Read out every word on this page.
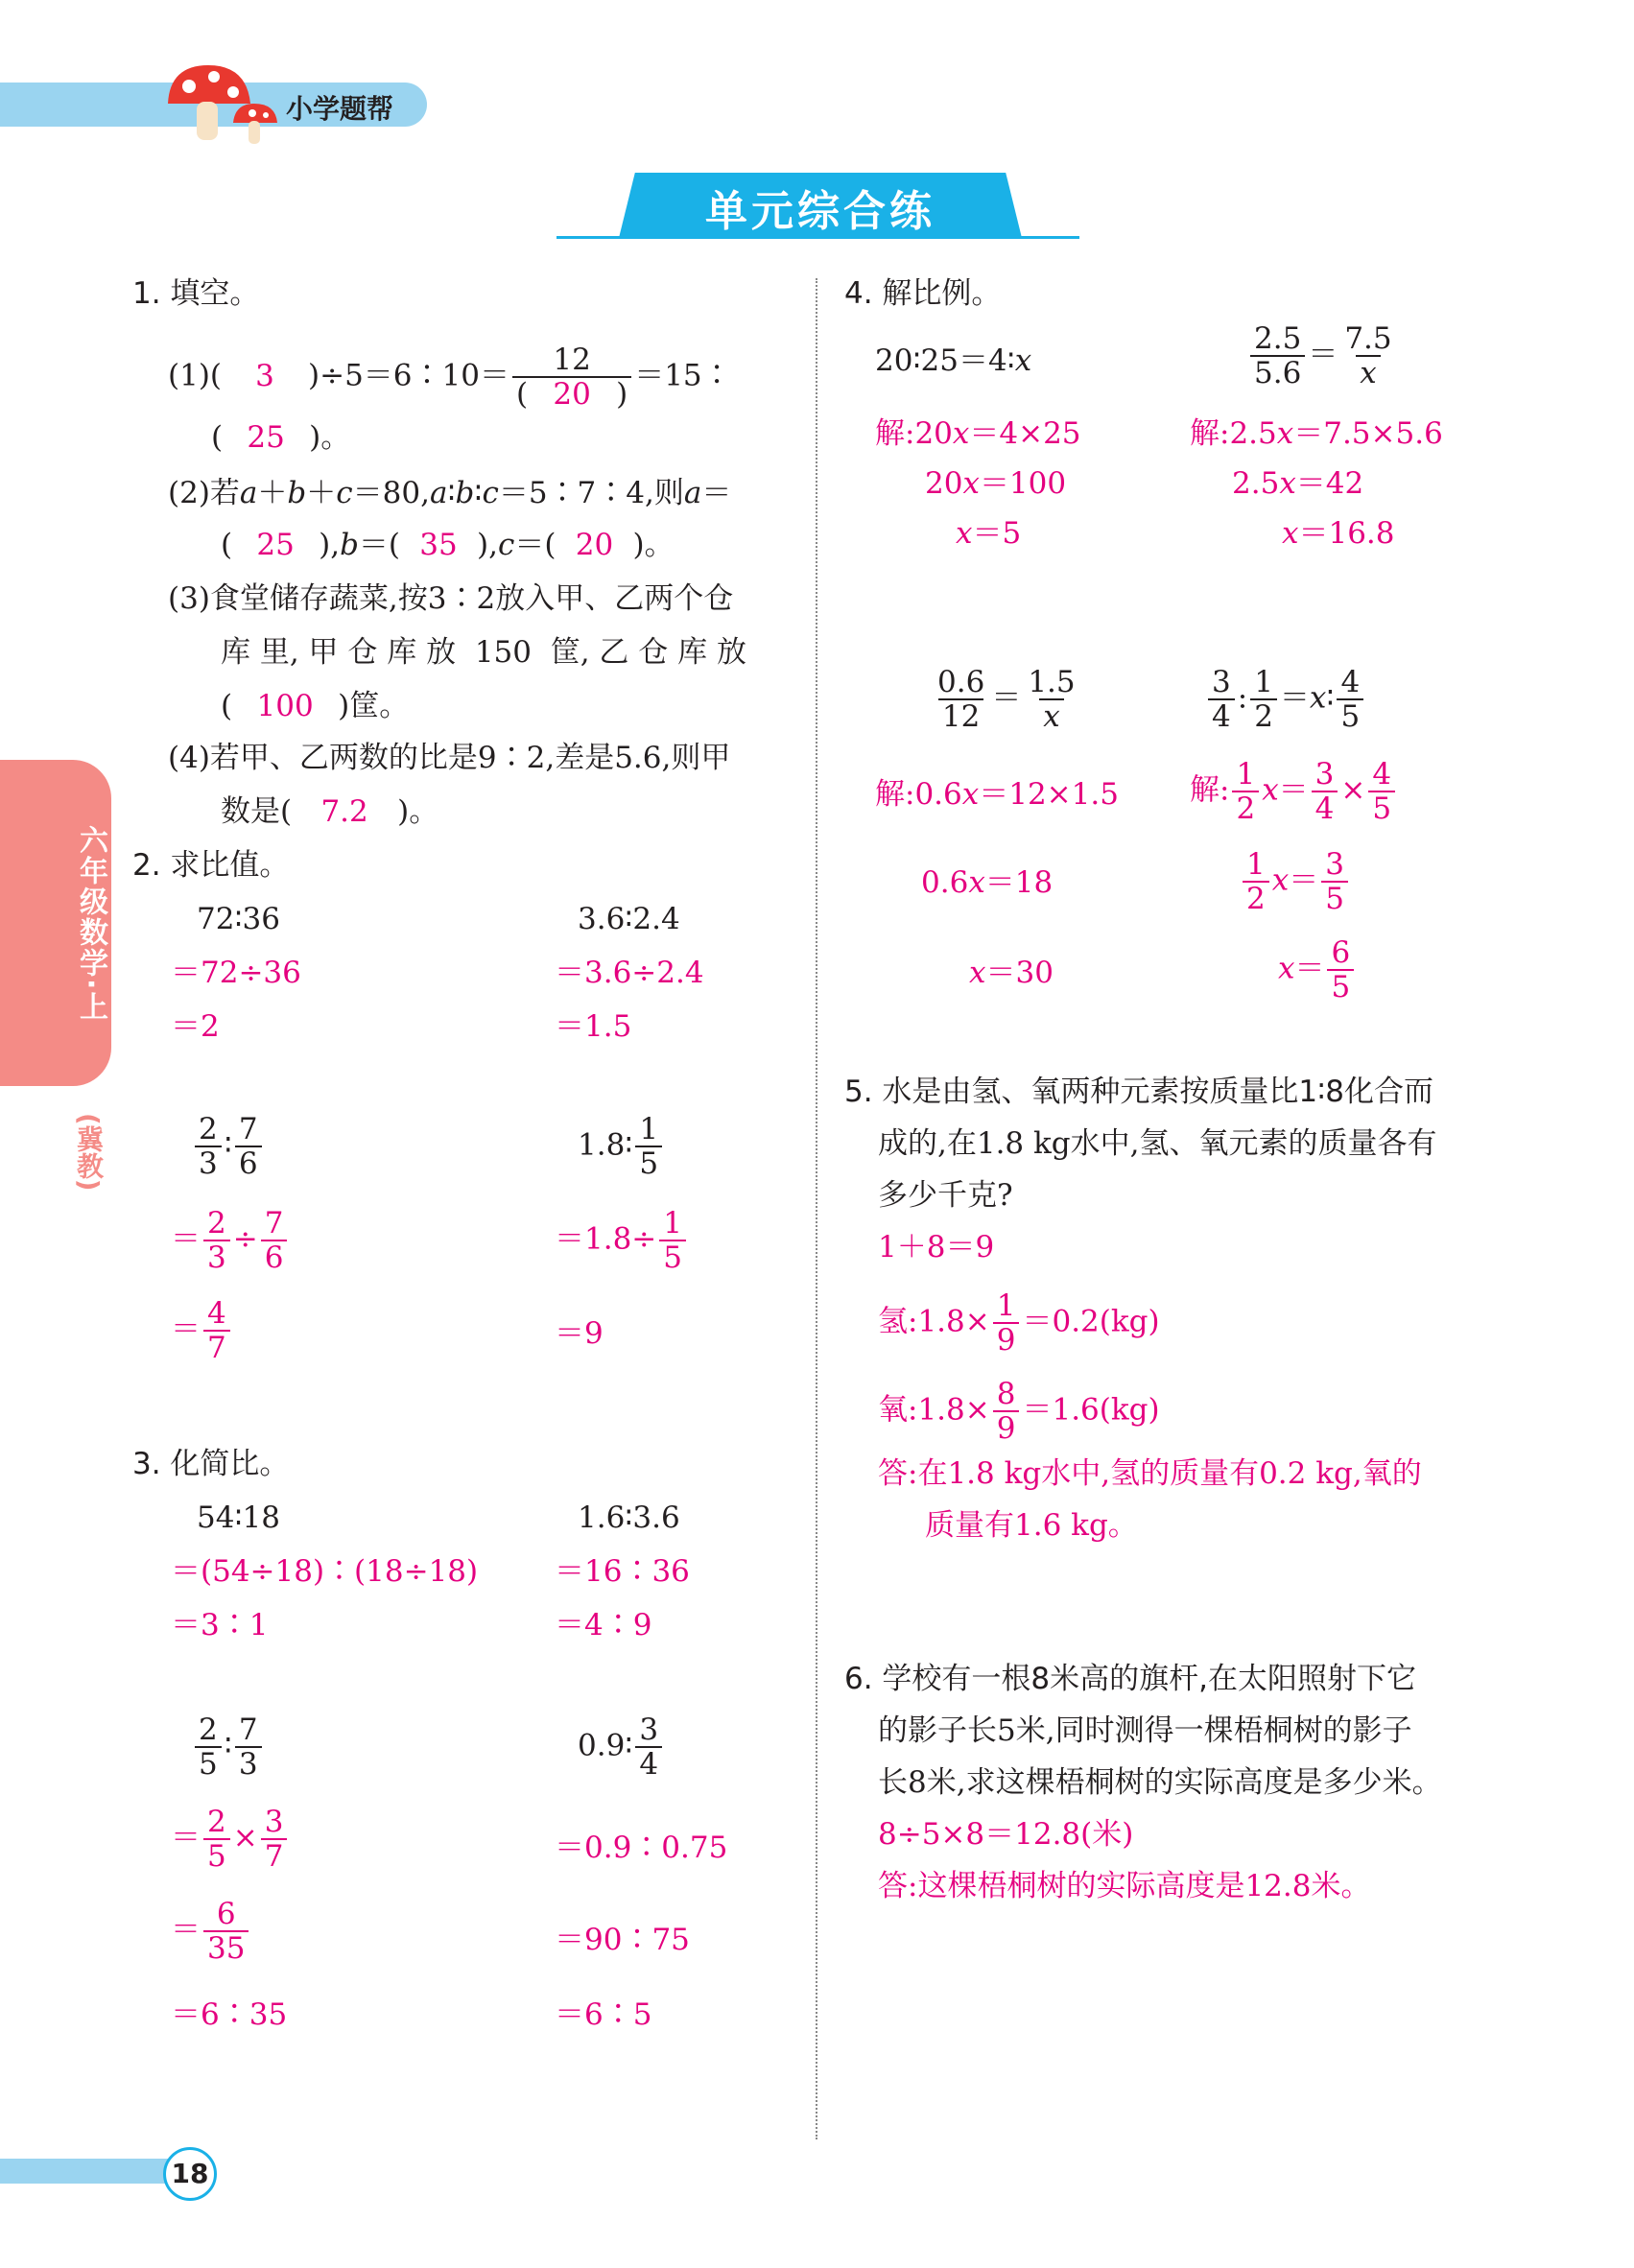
小学题帮
单元综合练
六年级数学·上
(冀教)
1. 填空。
(1)( 3 )÷5＝6∶10＝ $\frac{12}{( 20 )}$ ＝15∶
( 25 )。
(2)若a＋b＋c＝80,a∶b∶c＝5∶7∶4,则a＝
( 25 ),b＝( 35 ),c＝( 20 )。
(3)食堂储存蔬菜,按3∶2放入甲、乙两个仓
库 里, 甲 仓 库 放  150  筐, 乙 仓 库 放
( 100 )筐。
(4)若甲、乙两数的比是9∶2,差是5.6,则甲
数是( 7.2 )。
2. 求比值。
72∶36
＝72÷36
＝2
3.6∶2.4
＝3.6÷2.4
＝1.5
$\frac{2}{3}$ ∶ $\frac{7}{6}$
＝ $\frac{2}{3} \div \frac{7}{6}$
＝ $\frac{4}{7}$
1.8∶ $\frac{1}{5}$
$=1.8\div \frac{1}{5}$
＝9
3. 化简比。
54∶18
＝(54÷18)∶(18÷18)
＝3∶1
1.6∶3.6
＝16∶36
＝4∶9
$\frac{2}{5}$ ∶ $\frac{7}{3}$
＝ $\frac{2}{5} \times \frac{3}{7}$
＝ $\frac{6}{35}$
＝6∶35
0.9∶ $\frac{3}{4}$
＝0.9∶0.75
＝90∶75
＝6∶5
4. 解比例。
20∶25＝4∶x
解:20x＝4×25
20x＝100
x＝5
$\frac{2.5}{5.6} = \frac{7.5}{x}$
解:2.5x＝7.5×5.6
2.5x＝42
x＝16.8
$\frac{0.6}{12} = \frac{1.5}{x}$
解:0.6x＝12×1.5
0.6x＝18
x＝30
$\frac{3}{4}$ : $\frac{1}{2}$ ＝x∶ $\frac{4}{5}$
解: $\frac{1}{2} x= \frac{3}{4} \times \frac{4}{5}$
$\frac{1}{2} x= \frac{3}{5}$
$x= \frac{6}{5}$
5. 水是由氢、氧两种元素按质量比1∶8化合而
成的,在1.8 kg水中,氢、氧元素的质量各有
多少千克?
1＋8＝9
氢:1.8× $\frac{1}{9} =0.2(kg)$
氧:1.8× $\frac{8}{9} =1.6(kg)$
答:在1.8 kg水中,氢的质量有0.2 kg,氧的
质量有1.6 kg。
6. 学校有一根8米高的旗杆,在太阳照射下它
的影子长5米,同时测得一棵梧桐树的影子
长8米,求这棵梧桐树的实际高度是多少米。
8÷5×8＝12.8(米)
答:这棵梧桐树的实际高度是12.8米。
18
